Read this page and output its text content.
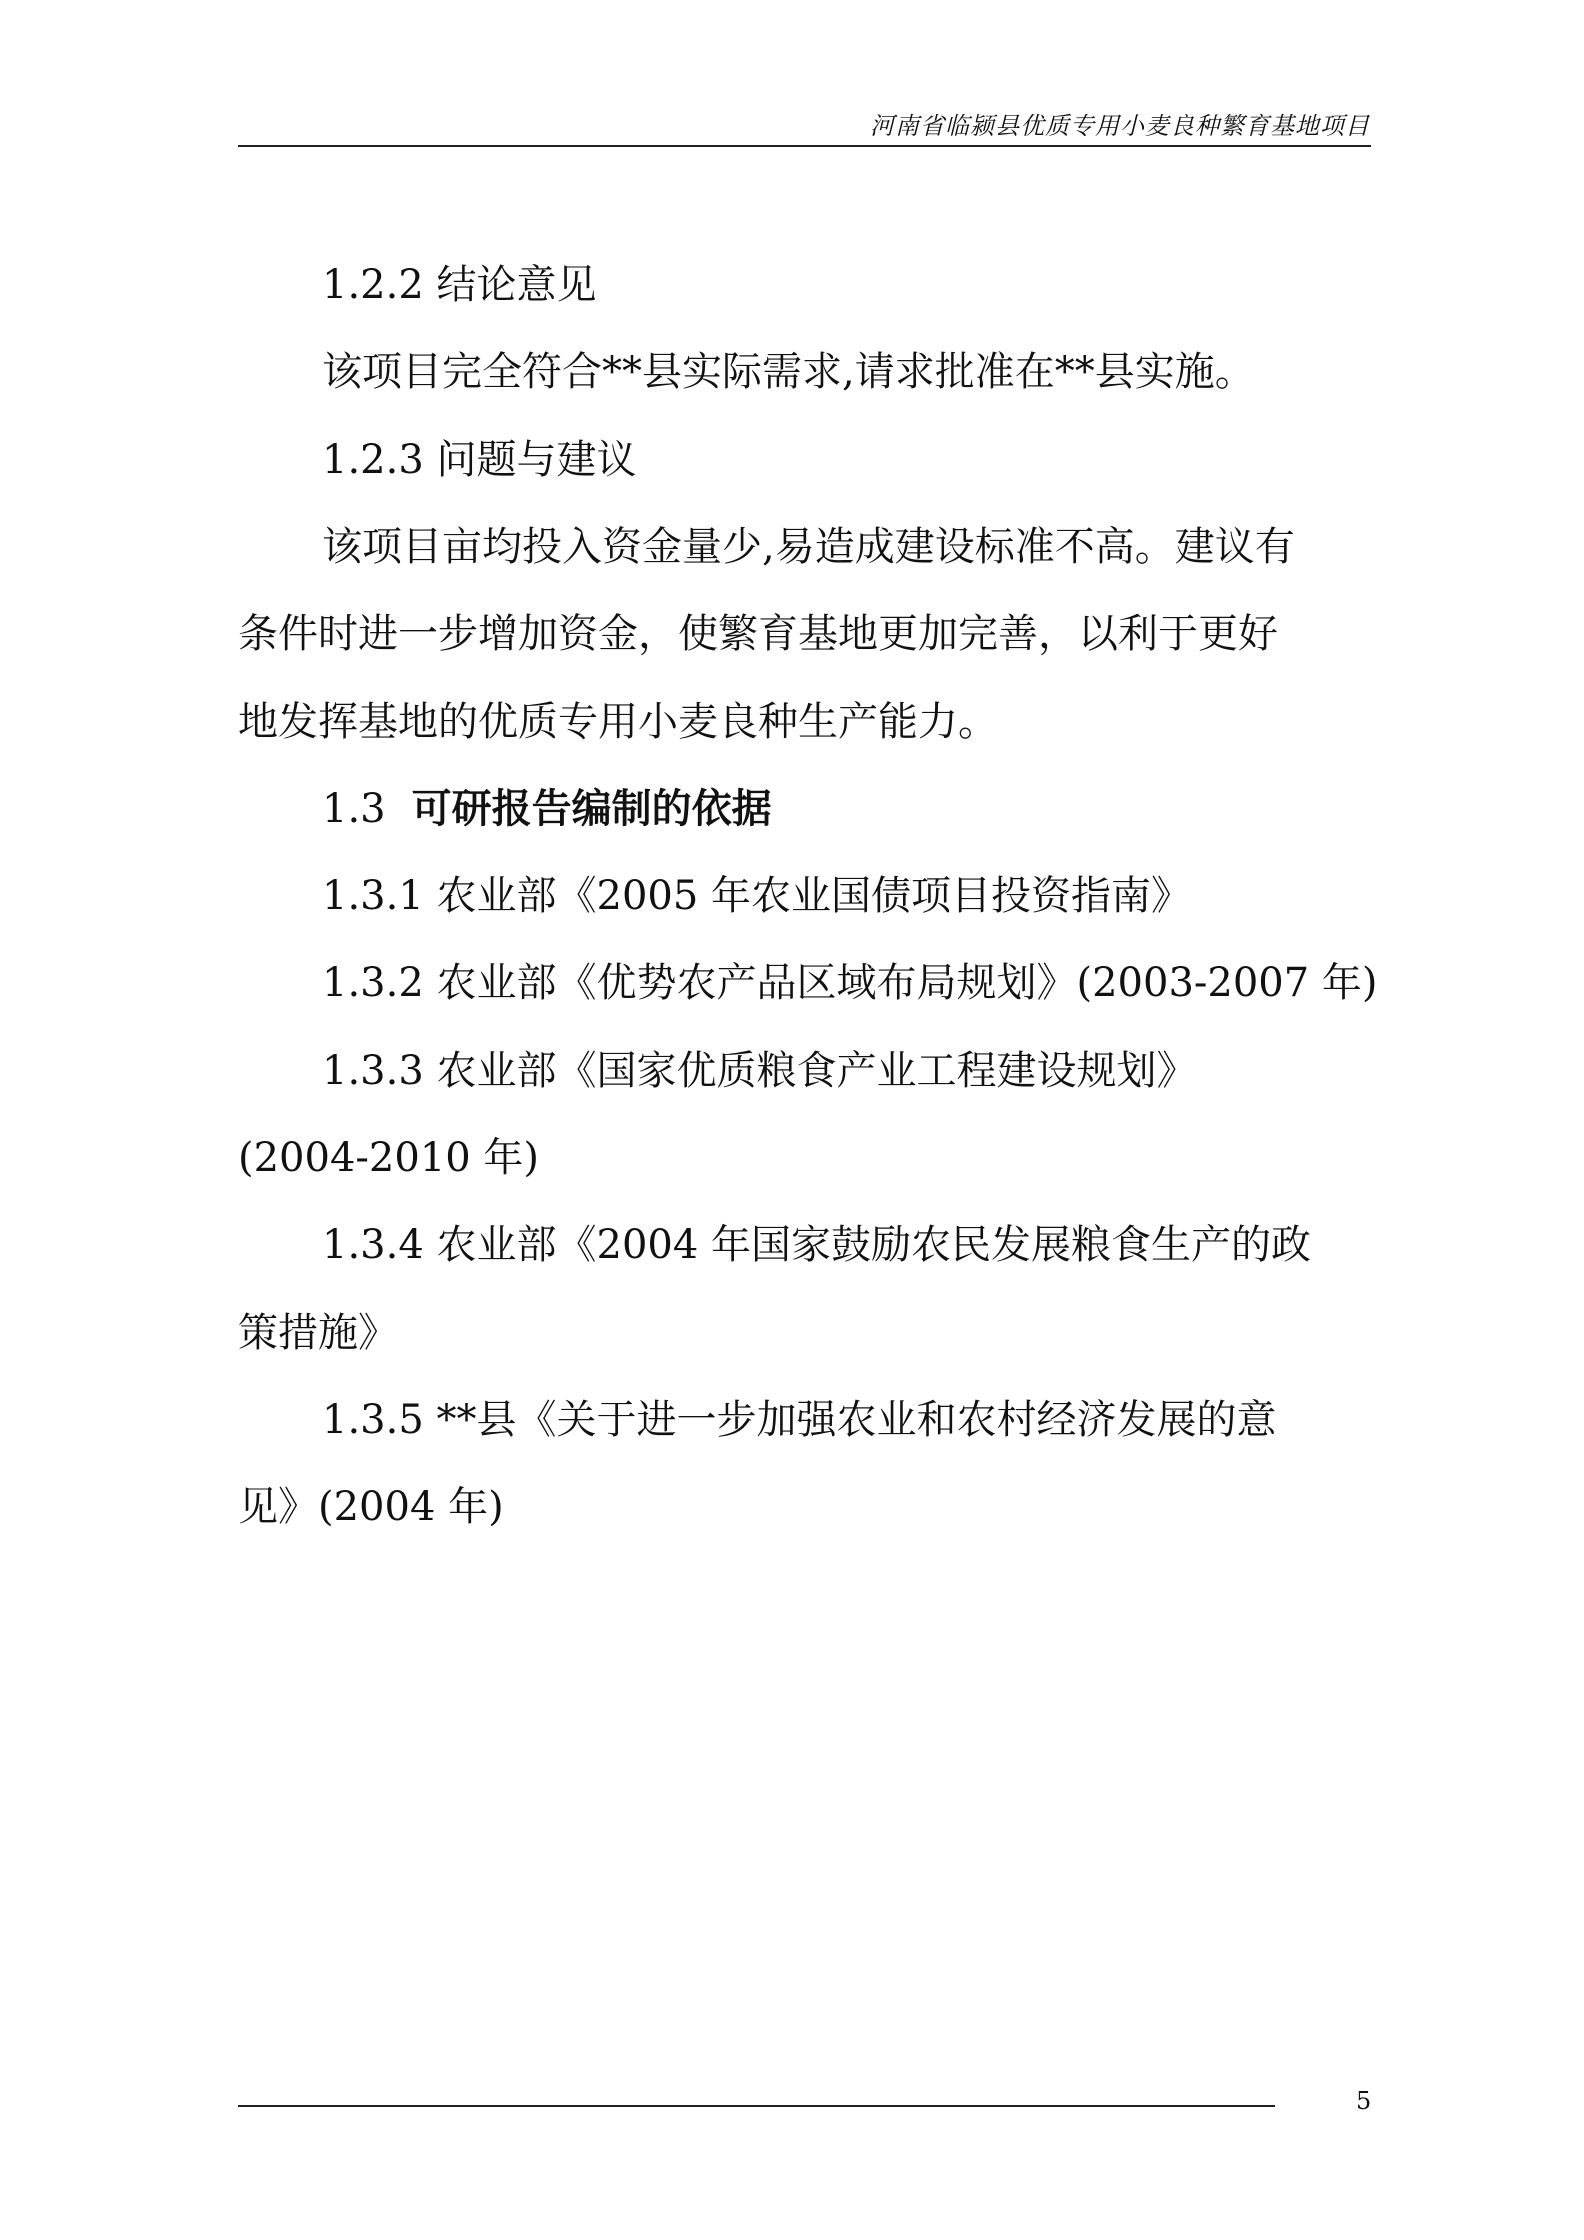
河南省临颍县优质专用小麦良种繁育基地项目
1.2.2 结论意见
该项目完全符合**县实际需求,请求批准在**县实施。
1.2.3 问题与建议
该项目亩均投入资金量少,易造成建设标准不高。建议有
条件时进一步增加资金，使繁育基地更加完善，以利于更好
地发挥基地的优质专用小麦良种生产能力。
1.3 可研报告编制的依据
1.3.1 农业部《2005 年农业国债项目投资指南》
1.3.2 农业部《优势农产品区域布局规划》(2003-2007 年)
1.3.3 农业部《国家优质粮食产业工程建设规划》
(2004-2010 年)
1.3.4 农业部《2004 年国家鼓励农民发展粮食生产的政
策措施》
1.3.5 **县《关于进一步加强农业和农村经济发展的意
见》(2004 年)
5
